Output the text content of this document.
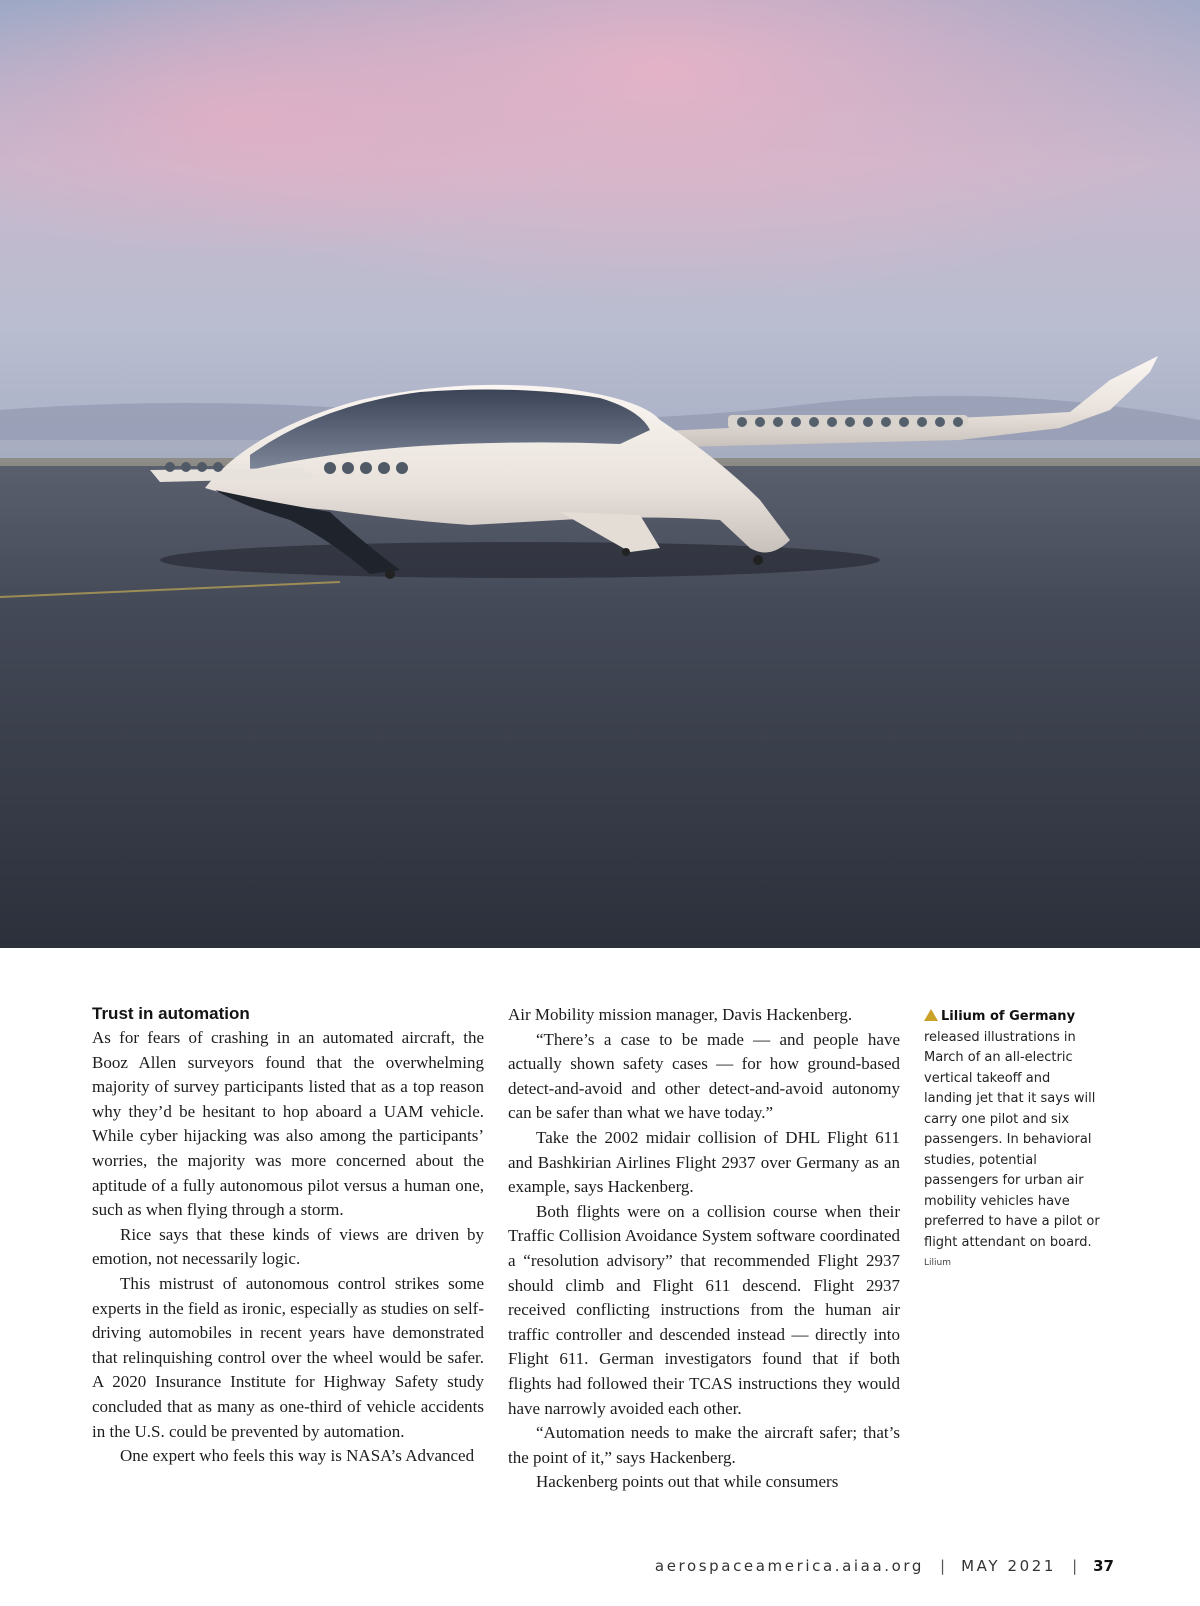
Trust in automation

As for fears of crashing in an automated aircraft, the Booz Allen surveyors found that the overwhelming majority of survey participants listed that as a top reason why they’d be hesitant to hop aboard a UAM vehicle. While cyber hijacking was also among the participants’ worries, the majority was more concerned about the aptitude of a fully autonomous pilot versus a human one, such as when flying through a storm.

Rice says that these kinds of views are driven by emotion, not necessarily logic.

This mistrust of autonomous control strikes some experts in the field as ironic, especially as studies on self-driving automobiles in recent years have demonstrated that relinquishing control over the wheel would be safer. A 2020 Insurance Institute for Highway Safety study concluded that as many as one-third of vehicle accidents in the U.S. could be prevented by automation.

One expert who feels this way is NASA’s Advanced

Air Mobility mission manager, Davis Hackenberg.

“There’s a case to be made — and people have actually shown safety cases — for how ground-based detect-and-avoid and other detect-and-avoid autonomy can be safer than what we have today.”

Take the 2002 midair collision of DHL Flight 611 and Bashkirian Airlines Flight 2937 over Germany as an example, says Hackenberg.

Both flights were on a collision course when their Traffic Collision Avoidance System software coordinated a “resolution advisory” that recommended Flight 2937 should climb and Flight 611 descend. Flight 2937 received conflicting instructions from the human air traffic controller and descended instead — directly into Flight 611. German investigators found that if both flights had followed their TCAS instructions they would have narrowly avoided each other.

“Automation needs to make the aircraft safer; that’s the point of it,” says Hackenberg.

Hackenberg points out that while consumers

Lilium of Germany released illustrations in March of an all-electric vertical takeoff and landing jet that it says will carry one pilot and six passengers. In behavioral studies, potential passengers for urban air mobility vehicles have preferred to have a pilot or flight attendant on board.
Lilium
aerospaceamerica.aiaa.org | MAY 2021 | 37
